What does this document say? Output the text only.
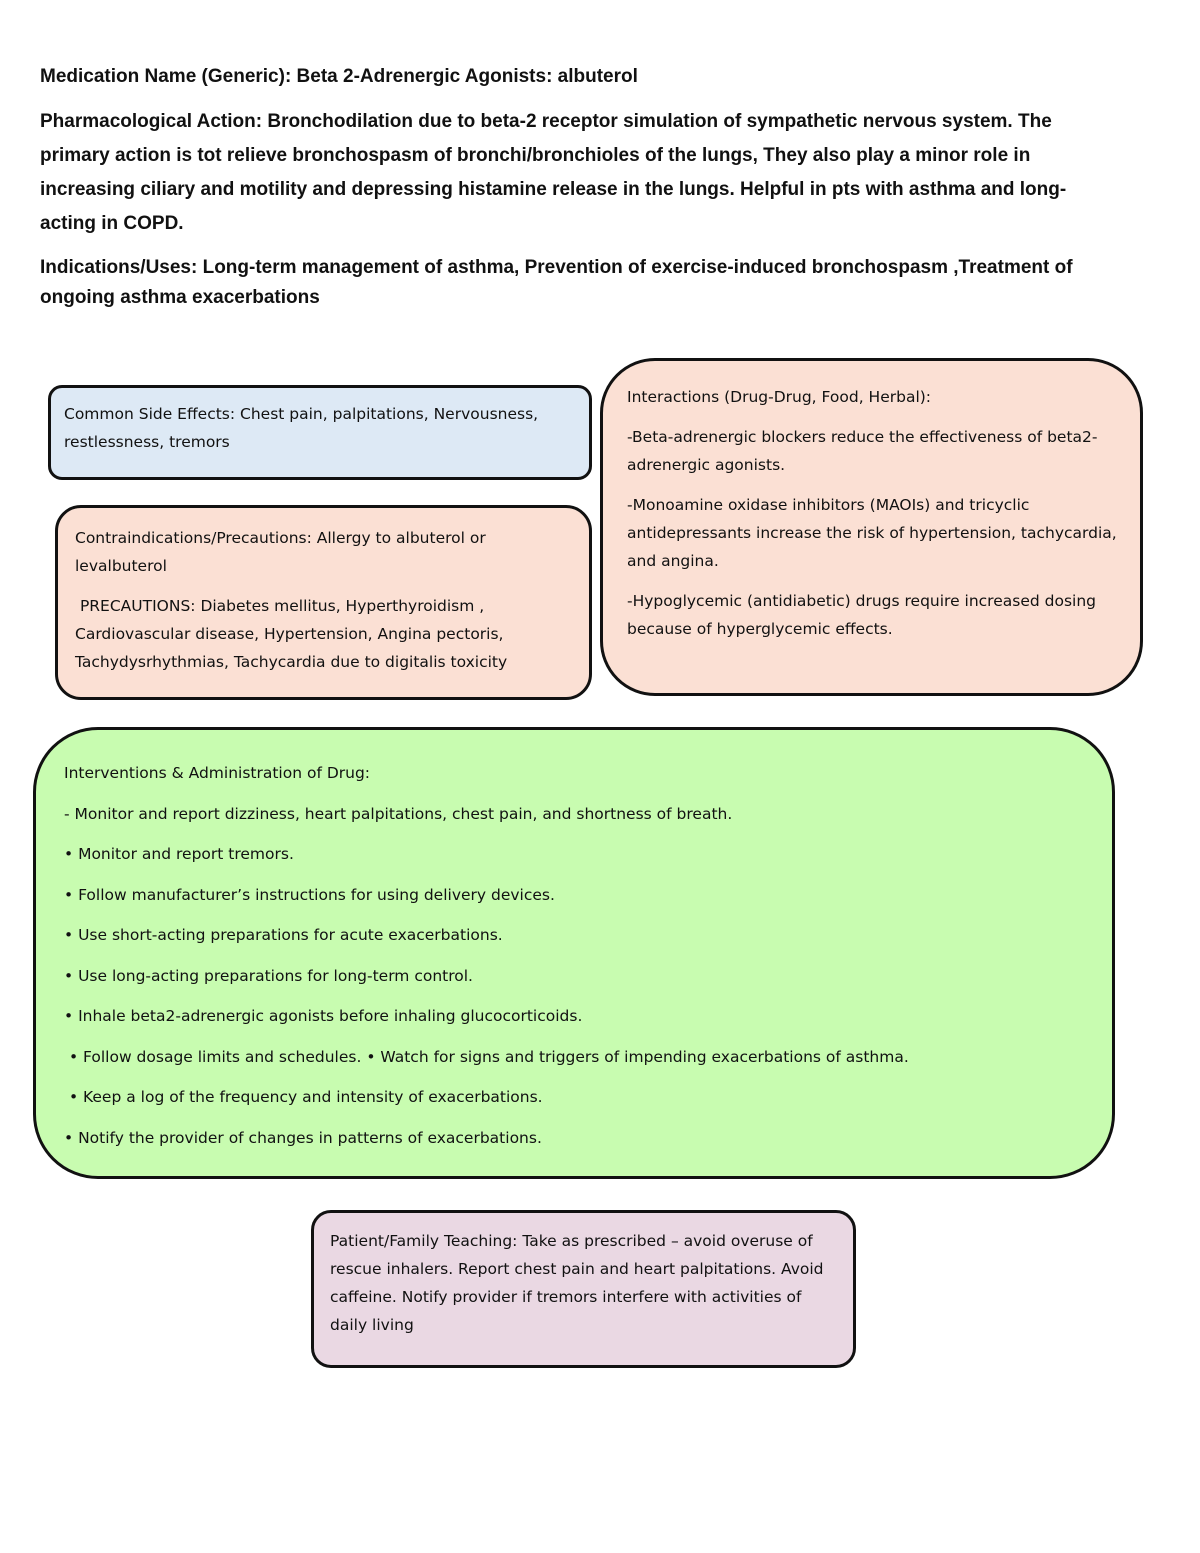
Medication Name (Generic): Beta 2-Adrenergic Agonists: albuterol
Pharmacological Action: Bronchodilation due to beta-2 receptor simulation of sympathetic nervous system. The primary action is tot relieve bronchospasm of bronchi/bronchioles of the lungs, They also play a minor role in increasing ciliary and motility and depressing histamine release in the lungs. Helpful in pts with asthma and long-acting in COPD.
Indications/Uses: Long-term management of asthma, Prevention of exercise-induced bronchospasm ,Treatment of ongoing asthma exacerbations

Common Side Effects: Chest pain, palpitations, Nervousness, restlessness, tremors

Contraindications/Precautions: Allergy to albuterol or levalbuterol

PRECAUTIONS: Diabetes mellitus, Hyperthyroidism , Cardiovascular disease, Hypertension, Angina pectoris, Tachydysrhythmias, Tachycardia due to digitalis toxicity

Interactions (Drug-Drug, Food, Herbal):

-Beta-adrenergic blockers reduce the effectiveness of beta2-adrenergic agonists.

-Monoamine oxidase inhibitors (MAOIs) and tricyclic antidepressants increase the risk of hypertension, tachycardia, and angina.

-Hypoglycemic (antidiabetic) drugs require increased dosing because of hyperglycemic effects.

Interventions & Administration of Drug:

- Monitor and report dizziness, heart palpitations, chest pain, and shortness of breath.

• Monitor and report tremors.

• Follow manufacturer’s instructions for using delivery devices.

• Use short-acting preparations for acute exacerbations.

• Use long-acting preparations for long-term control.

• Inhale beta2-adrenergic agonists before inhaling glucocorticoids.

• Follow dosage limits and schedules. • Watch for signs and triggers of impending exacerbations of asthma.

• Keep a log of the frequency and intensity of exacerbations.

• Notify the provider of changes in patterns of exacerbations.

Patient/Family Teaching: Take as prescribed – avoid overuse of rescue inhalers. Report chest pain and heart palpitations. Avoid caffeine. Notify provider if tremors interfere with activities of daily living
